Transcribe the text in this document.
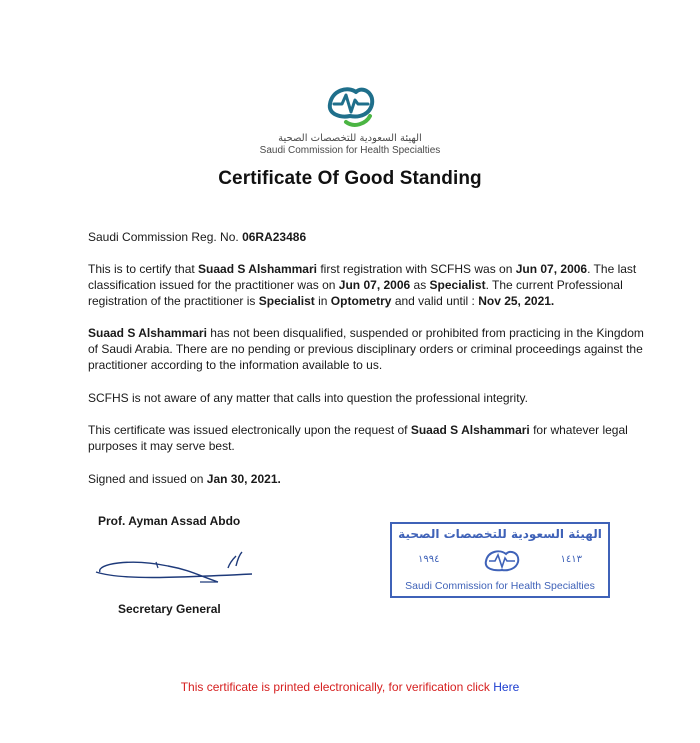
الهيئة السعودية للتخصصات الصحية
Saudi Commission for Health Specialties
Certificate Of Good Standing
Saudi Commission Reg. No. 06RA23486
This is to certify that Suaad S Alshammari first registration with SCFHS was on Jun 07, 2006. The last classification issued for the practitioner was on Jun 07, 2006 as Specialist. The current Professional registration of the practitioner is Specialist in Optometry and valid until : Nov 25, 2021.
Suaad S Alshammari has not been disqualified, suspended or prohibited from practicing in the Kingdom of Saudi Arabia. There are no pending or previous disciplinary orders or criminal proceedings against the practitioner according to the information available to us.
SCFHS is not aware of any matter that calls into question the professional integrity.
This certificate was issued electronically upon the request of Suaad S Alshammari for whatever legal purposes it may serve best.
Signed and issued on Jan 30, 2021.
Prof. Ayman Assad Abdo
Secretary General
الهيئة السعودية للتخصصات الصحية
١٩٩٤	١٤١٣
Saudi Commission for Health Specialties
This certificate is printed electronically, for verification click Here
